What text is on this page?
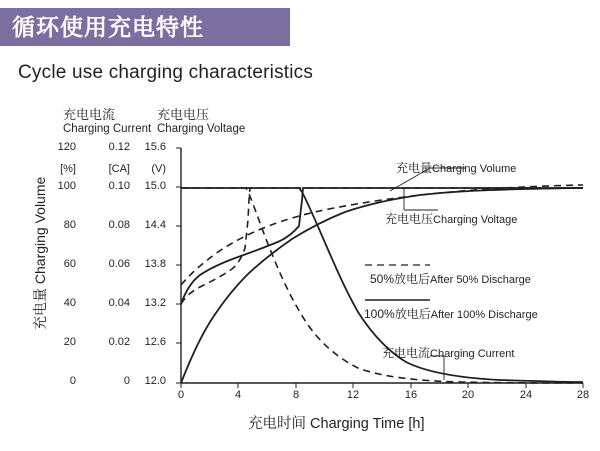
循环使用充电特性
Cycle use charging characteristics
充电电流
Charging Current
充电电压
Charging Voltage
[%]	[CA]	(V)
充电量 Charging Volume
充电时间 Charging Time [h]
120
100
80
60
40
20
0
0.12
0.10
0.08
0.06
0.04
0.02
0
15.6
15.0
14.4
13.8
13.2
12.6
12.0
0	4	8	12	16	20	24	28
充电量Charging Volume
充电电压Charging Voltage
50%放电后After 50% Discharge
100%放电后After 100% Discharge
充电电流Charging Current
